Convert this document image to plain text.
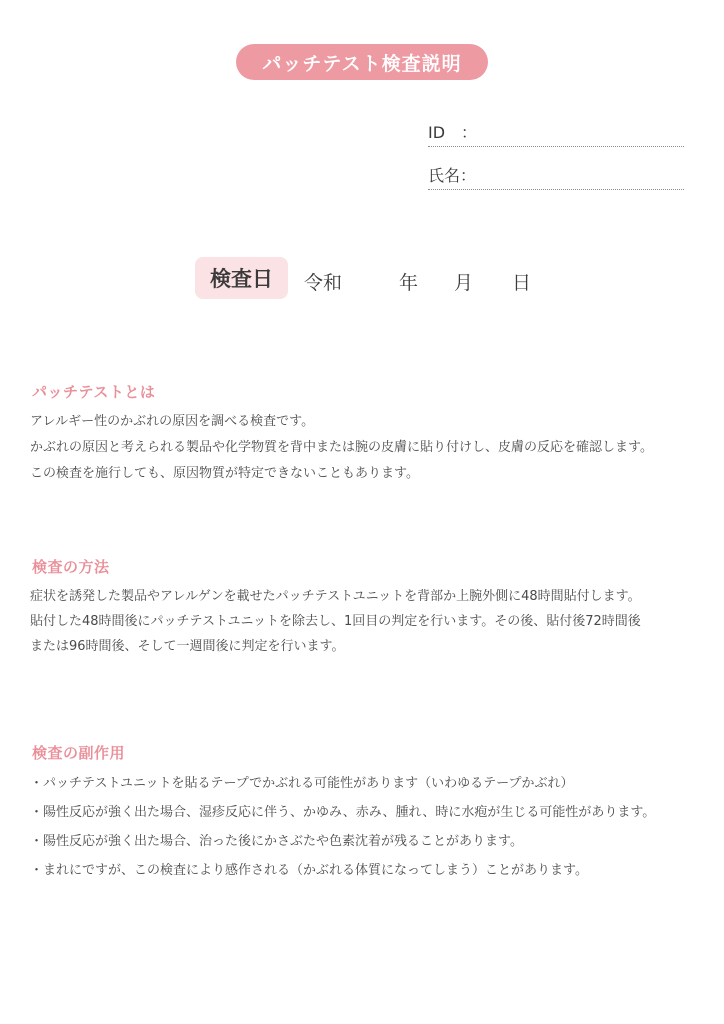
パッチテスト検査説明
ID　：
氏名：
検査日	令和	年 月 日
パッチテストとは
アレルギー性のかぶれの原因を調べる検査です。
かぶれの原因と考えられる製品や化学物質を背中または腕の皮膚に貼り付けし、皮膚の反応を確認します。
この検査を施行しても、原因物質が特定できないこともあります。
検査の方法
症状を誘発した製品やアレルゲンを載せたパッチテストユニットを背部か上腕外側に48時間貼付します。
貼付した48時間後にパッチテストユニットを除去し、1回目の判定を行います。その後、貼付後72時間後
または96時間後、そして一週間後に判定を行います。
検査の副作用
・パッチテストユニットを貼るテープでかぶれる可能性があります（いわゆるテープかぶれ）
・陽性反応が強く出た場合、湿疹反応に伴う、かゆみ、赤み、腫れ、時に水疱が生じる可能性があります。
・陽性反応が強く出た場合、治った後にかさぶたや色素沈着が残ることがあります。
・まれにですが、この検査により感作される（かぶれる体質になってしまう）ことがあります。
